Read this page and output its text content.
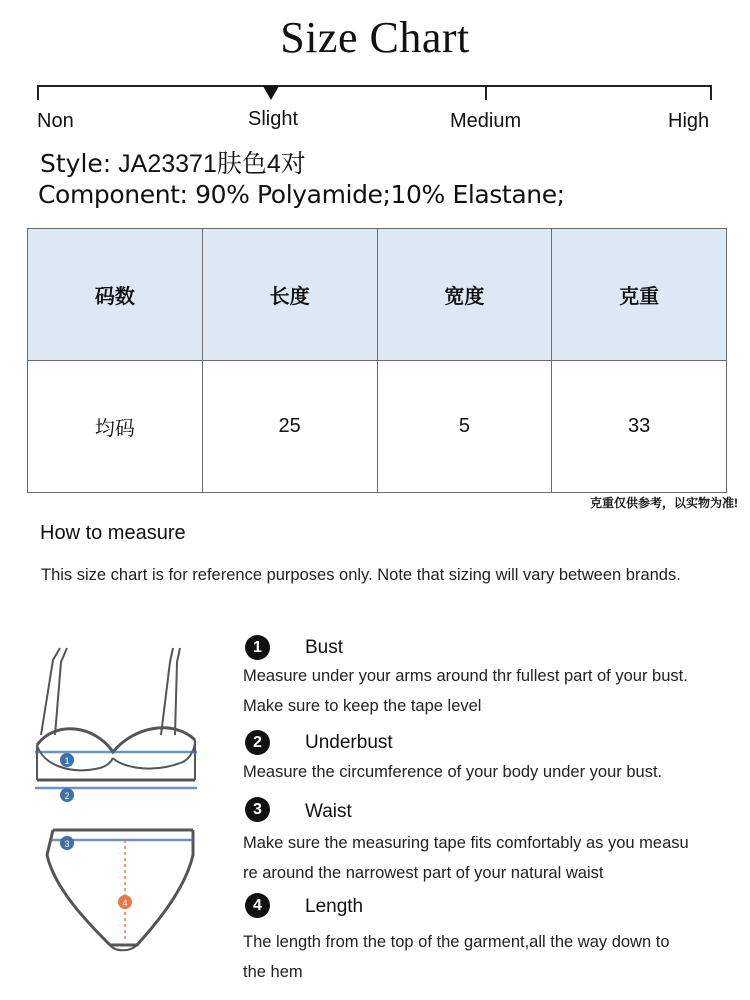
Size Chart
Non	Slight	Medium	High
Style: JA23371肤色4对
Component: 90% Polyamide;10% Elastane;
码数	长度	宽度	克重
均码	25	5	33
克重仅供参考，以实物为准!
How to measure
This size chart is for reference purposes only. Note that sizing will vary between brands.
1
2
3
4
1	Bust
Measure under your arms around thr fullest part of your bust.
Make sure to keep the tape level
2	Underbust
Measure the circumference of your body under your bust.
3	Waist
Make sure the measuring tape fits comfortably as you measu
re around the narrowest part of your natural waist
4	Length
The length from the top of the garment,all the way down to
the hem
